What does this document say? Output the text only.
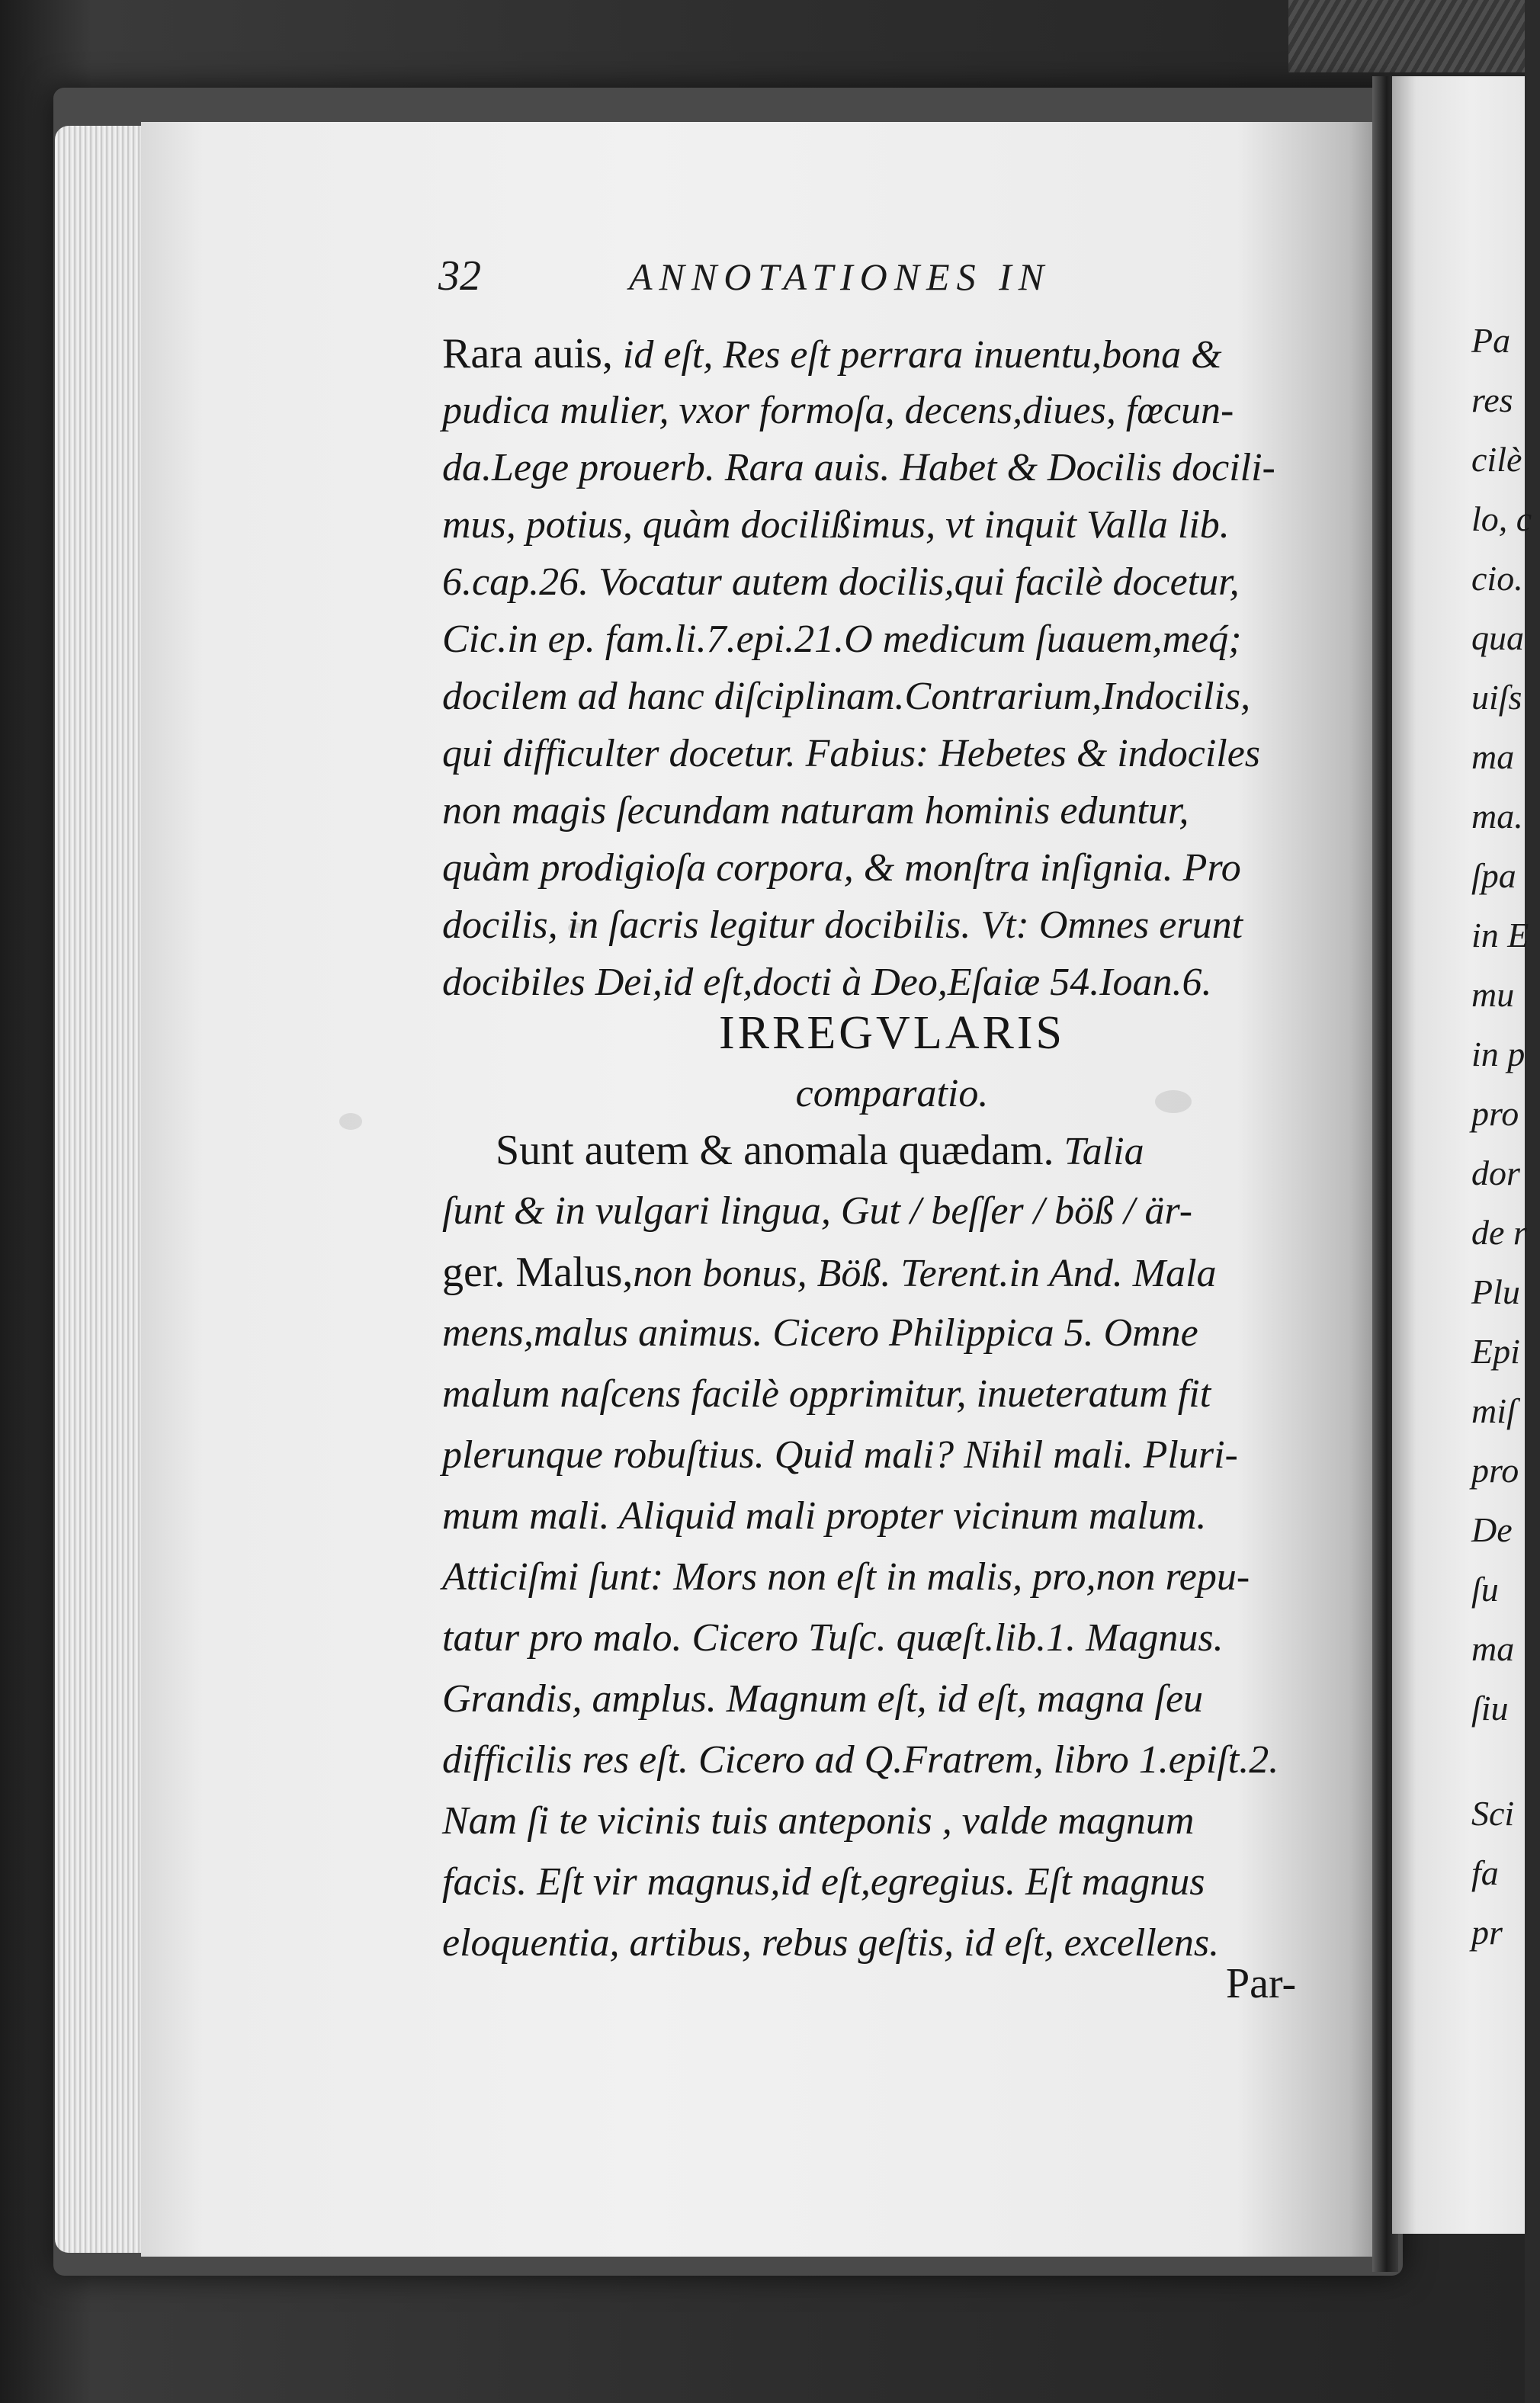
32	ANNOTATIONES IN
Rara auis, id eſt, Res eſt perrara inuentu,bona &
pudica mulier, vxor formoſa, decens,diues, fœcun-
da.Lege prouerb. Rara auis. Habet & Docilis docili-
mus, potius, quàm docilißimus, vt inquit Valla lib.
6.cap.26. Vocatur autem docilis,qui facilè docetur,
Cic.in ep. fam.li.7.epi.21.O medicum ſuauem,meq́;
docilem ad hanc diſciplinam.Contrarium,Indocilis,
qui difficulter docetur. Fabius: Hebetes & indociles
non magis ſecundam naturam hominis eduntur,
quàm prodigioſa corpora, & monſtra inſignia. Pro
docilis, in ſacris legitur docibilis. Vt: Omnes erunt
docibiles Dei,id eſt,docti à Deo,Eſaiæ 54.Ioan.6.
IRREGVLARIS
comparatio.
Sunt autem & anomala quædam. Talia
ſunt & in vulgari lingua, Gut / beſſer / böß / är-
ger. Malus,non bonus, Böß. Terent.in And. Mala
mens,malus animus. Cicero Philippica 5. Omne
malum naſcens facilè opprimitur, inueteratum fit
plerunque robuſtius. Quid mali? Nihil mali. Pluri-
mum mali. Aliquid mali propter vicinum malum.
Atticiſmi ſunt: Mors non eſt in malis, pro,non repu-
tatur pro malo. Cicero Tuſc. quæſt.lib.1. Magnus.
Grandis, amplus. Magnum eſt, id eſt, magna ſeu
difficilis res eſt. Cicero ad Q.Fratrem, libro 1.epiſt.2.
Nam ſi te vicinis tuis anteponis , valde magnum
facis. Eſt vir magnus,id eſt,egregius. Eſt magnus
eloquentia, artibus, rebus geſtis, id eſt, excellens.
Par-
Pa
res
cilè
lo, c
cio.
qua
uiſs
ma
ma.
ſpa
in E
mu
in p
pro
dor
de r
Plu
Epi
miſ
pro
De
ſu
ma
ſiu
Sci
fa
pr
